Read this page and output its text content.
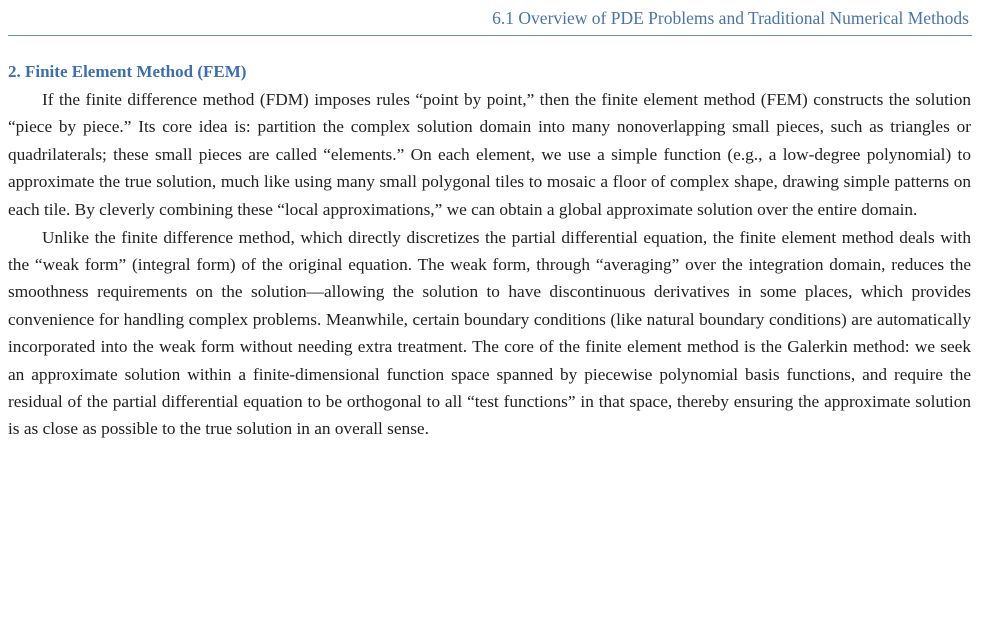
6.1 Overview of PDE Problems and Traditional Numerical Methods
2. Finite Element Method (FEM)

If the finite difference method (FDM) imposes rules “point by point,” then the finite element method (FEM) constructs the solution “piece by piece.” Its core idea is: partition the complex solution domain into many nonoverlapping small pieces, such as triangles or quadrilaterals; these small pieces are called “elements.” On each element, we use a simple function (e.g., a low-degree polynomial) to approximate the true solution, much like using many small polygonal tiles to mosaic a floor of complex shape, drawing simple patterns on each tile. By cleverly combining these “local approximations,” we can obtain a global approximate solution over the entire domain.

Unlike the finite difference method, which directly discretizes the partial differential equation, the finite element method deals with the “weak form” (integral form) of the original equation. The weak form, through “averaging” over the integration domain, reduces the smoothness requirements on the solution—allowing the solution to have discontinuous derivatives in some places, which provides convenience for handling complex problems. Meanwhile, certain boundary conditions (like natural boundary conditions) are automatically incorporated into the weak form without needing extra treatment. The core of the finite element method is the Galerkin method: we seek an approximate solution within a finite-dimensional function space spanned by piecewise polynomial basis functions, and require the residual of the partial differential equation to be orthogonal to all “test functions” in that space, thereby ensuring the approximate solution is as close as possible to the true solution in an overall sense.
